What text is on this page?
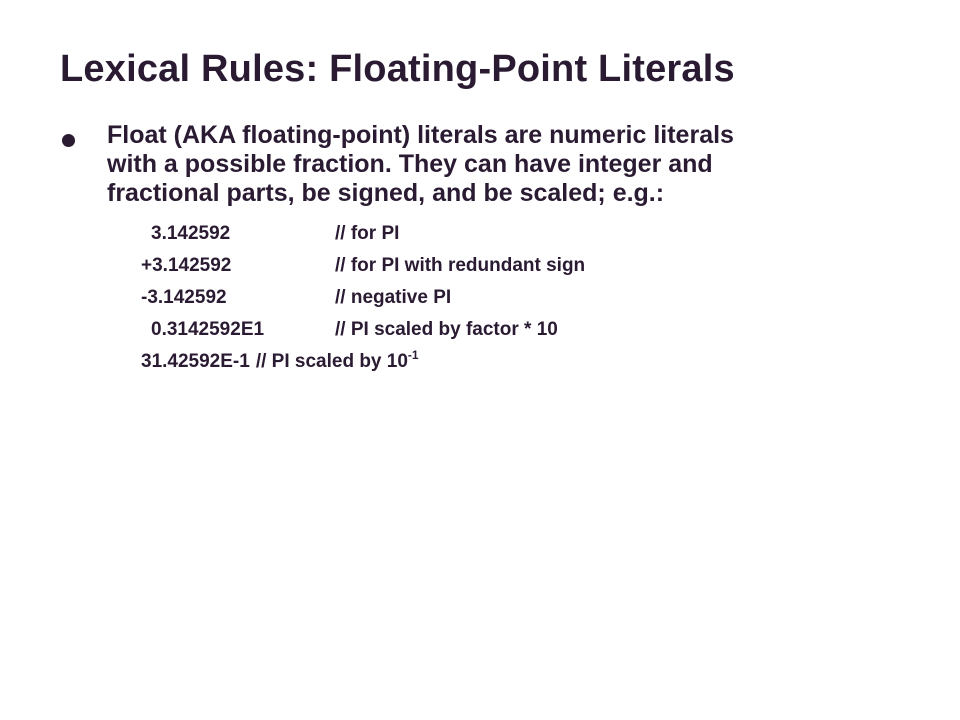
Lexical Rules: Floating-Point Literals

Float (AKA floating-point) literals are numeric literals
with a possible fraction. They can have integer and
fractional parts, be signed, and be scaled; e.g.:

3.142592	// for PI
+3.142592	// for PI with redundant sign
-3.142592	// negative PI
0.3142592E1	// PI scaled by factor * 10
31.42592E-1 // PI scaled by $10^{-1}$
